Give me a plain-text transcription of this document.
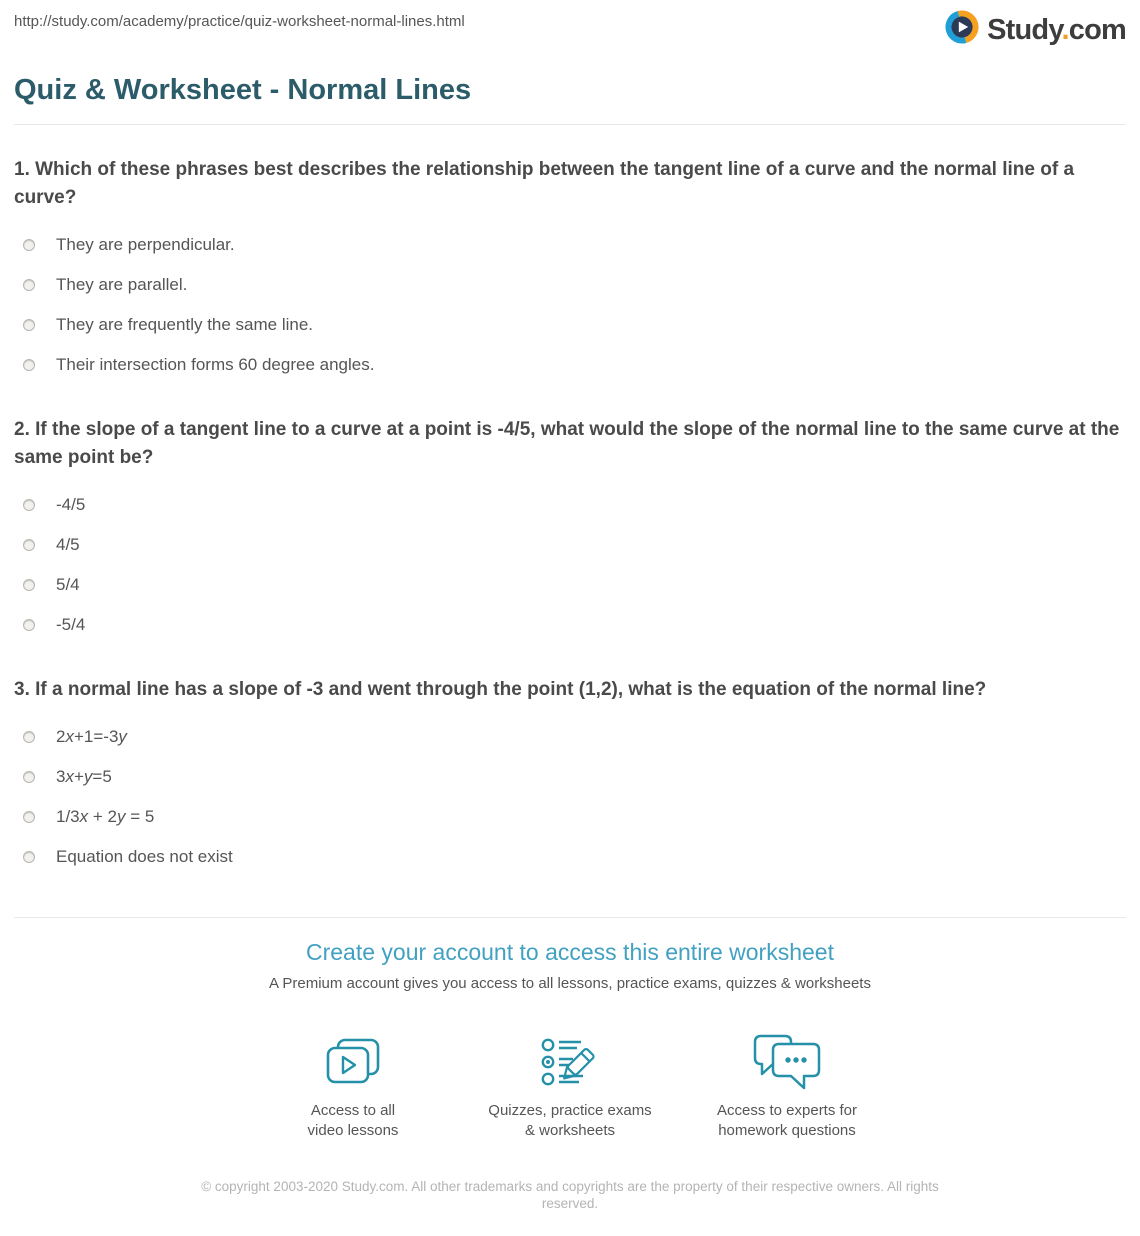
http://study.com/academy/practice/quiz-worksheet-normal-lines.html	Study.com
Quiz & Worksheet - Normal Lines
1. Which of these phrases best describes the relationship between the tangent line of a curve and the normal line of a curve?
They are perpendicular.
They are parallel.
They are frequently the same line.
Their intersection forms 60 degree angles.
2. If the slope of a tangent line to a curve at a point is -4/5, what would the slope of the normal line to the same curve at the same point be?
-4/5
4/5
5/4
-5/4
3. If a normal line has a slope of -3 and went through the point (1,2), what is the equation of the normal line?
2x+1=-3y
3x+y=5
1/3x + 2y = 5
Equation does not exist
Create your account to access this entire worksheet
A Premium account gives you access to all lessons, practice exams, quizzes & worksheets
Access to all
video lessons
Quizzes, practice exams
& worksheets
Access to experts for
homework questions
© copyright 2003-2020 Study.com. All other trademarks and copyrights are the property of their respective owners. All rights reserved.
